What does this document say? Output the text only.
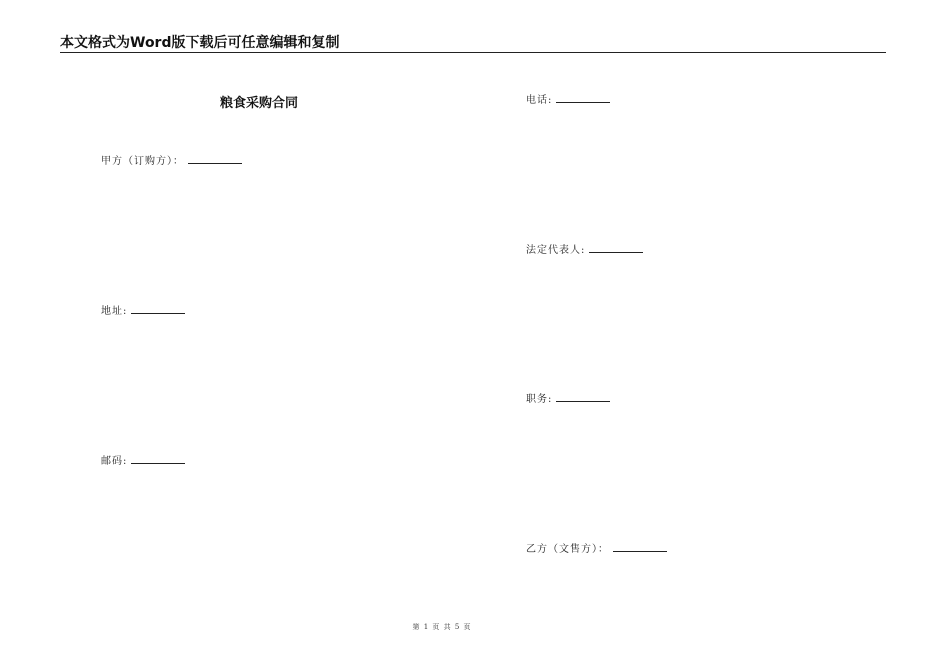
本文格式为Word版下载后可任意编辑和复制
粮食采购合同
甲方（订购方）：
地址:
邮码:
电话:
法定代表人:
职务:
乙方（文售方）：
第 1 页 共 5 页
